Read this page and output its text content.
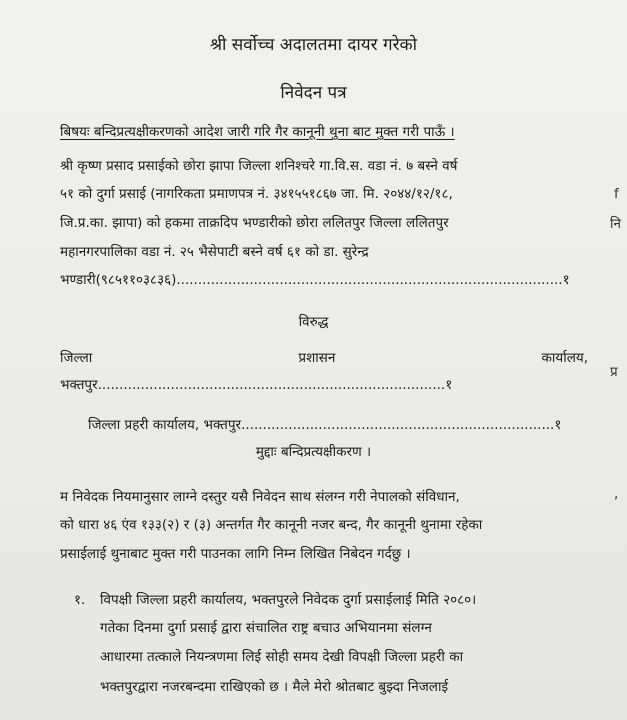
श्री सर्वोच्च अदालतमा दायर गरेको
निवेदन पत्र
बिषयः बन्दिप्रत्यक्षीकरणको आदेश जारी गरि गैर कानूनी थुना बाट मुक्त गरी पाऊँ ।
श्री कृष्ण प्रसाद प्रसाईको छोरा झापा जिल्ला शनिश्चरे गा.वि.स. वडा नं. ७ बस्ने वर्ष
५१ को दुर्गा प्रसाई (नागरिकता प्रमाणपत्र नं. ३४१५५१८६७ जा. मि. २०४४/१२/१८,
जि.प्र.का. झापा) को हकमा ताक्रदिप भण्डारीको छोरा ललितपुर जिल्ला ललितपुर
महानगरपालिका वडा नं. २५ भैसेपाटी बस्ने वर्ष ६१ को डा. सुरेन्द्र
भण्डारी(९८५११०३८३६)..........................................................................................१
विरुद्ध
जिल्ला	प्रशासन	कार्यालय,
भक्तपुर.................................................................................१
जिल्ला प्रहरी कार्यालय, भक्तपुर.........................................................................१
मुद्दाः बन्दिप्रत्यक्षीकरण ।
म निवेदक नियमानुसार लाग्ने दस्तुर यसै निवेदन साथ संलग्न गरी नेपालको संविधान,
को धारा ४६ एंव १३३(२) र (३) अन्तर्गत गैर कानूनी नजर बन्द, गैर कानूनी थुनामा रहेका
प्रसाईलाई थुनाबाट मुक्त गरी पाउनका लागि निम्न लिखित निबेदन गर्दछु ।
१. विपक्षी जिल्ला प्रहरी कार्यालय, भक्तपुरले निवेदक दुर्गा प्रसाईलाई मिति २०८०।
गतेका दिनमा दुर्गा प्रसाई द्वारा संचालित राष्ट्र बचाउ अभियानमा संलग्न
आधारमा तत्काले नियन्त्रणमा लिई सोही समय देखी विपक्षी जिल्ला प्रहरी का
भक्तपुरद्वारा नजरबन्दमा राखिएको छ । मैले मेरो श्रोतबाट बुझ्दा निजलाई
f
नि
प्र
,
